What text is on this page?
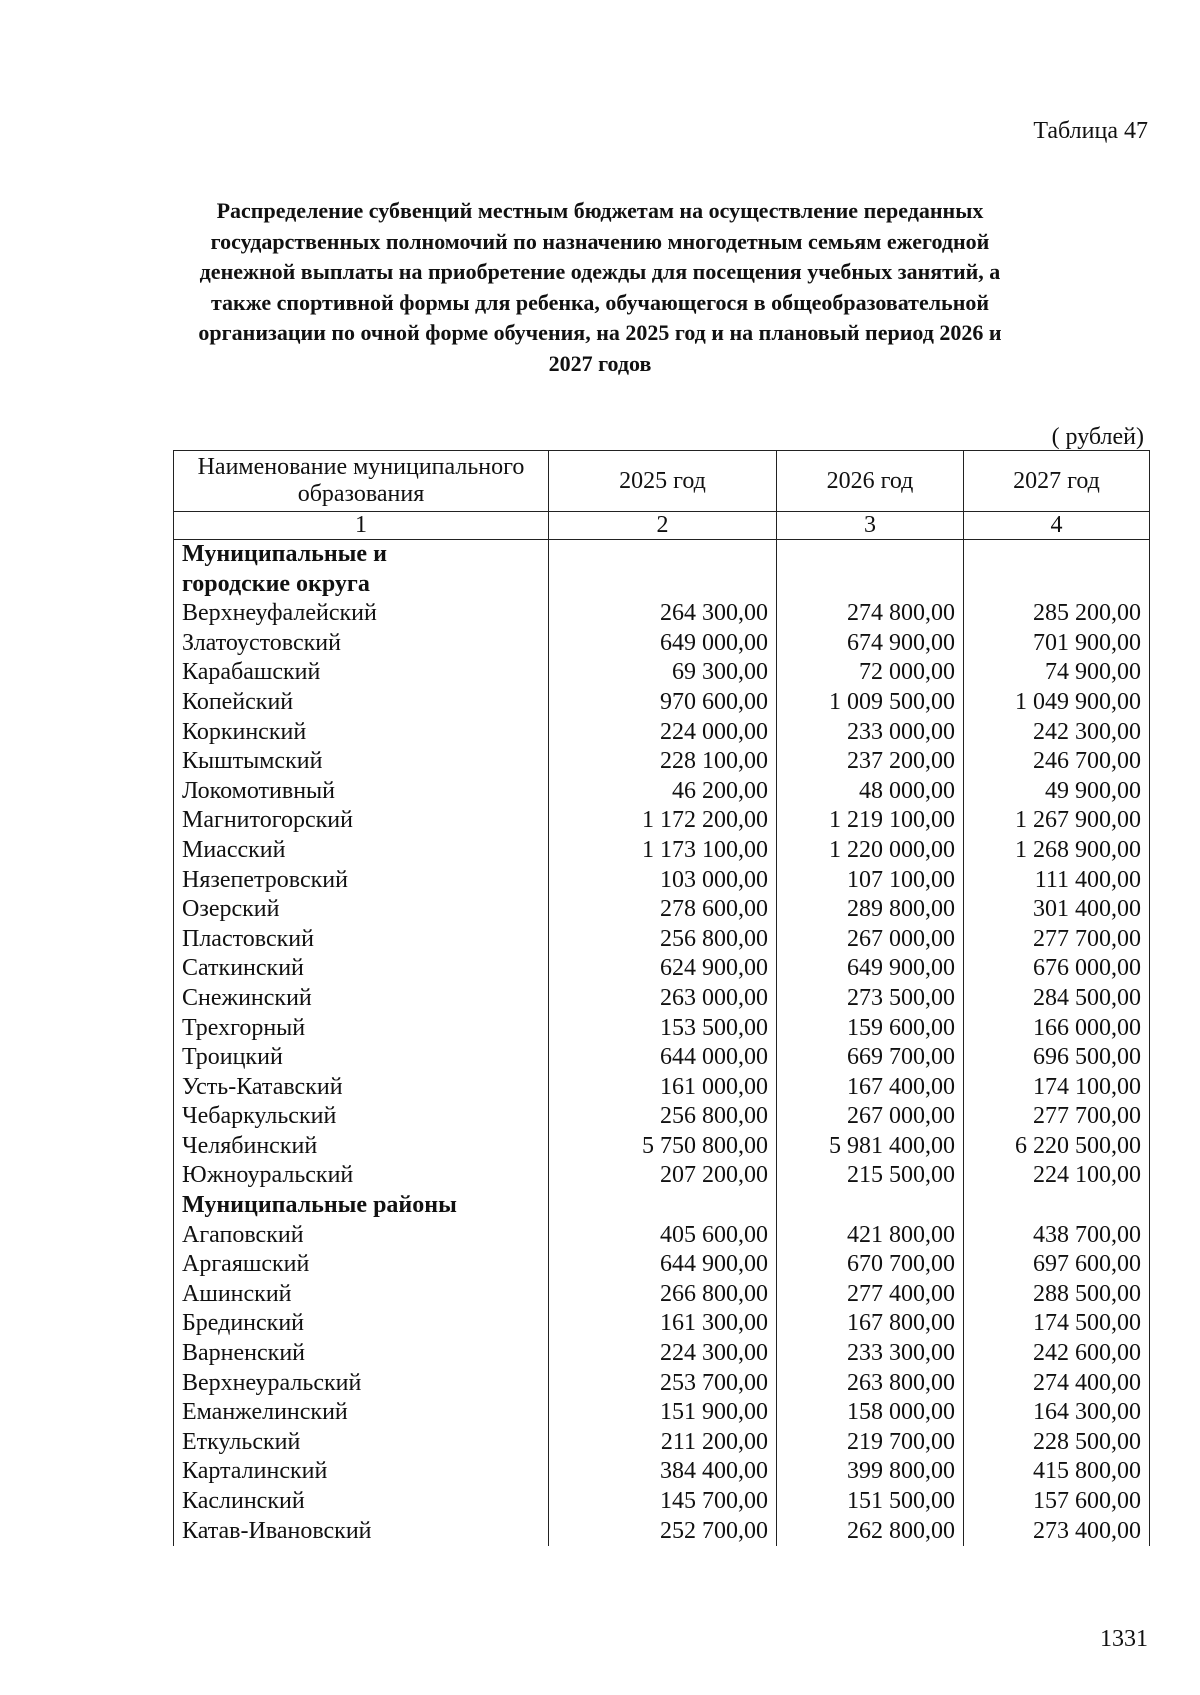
Таблица 47
Распределение субвенций местным бюджетам на осуществление переданных
государственных полномочий по назначению многодетным семьям ежегодной
денежной выплаты на приобретение одежды для посещения учебных занятий, а
также спортивной формы для ребенка, обучающегося в общеобразовательной
организации по очной форме обучения, на 2025 год и на плановый период 2026 и
2027 годов
( рублей)
Наименование муниципального
образования	2025 год	2026 год	2027 год
1	2	3	4

Муниципальные и
городские округа			

Верхнеуфалейский	264 300,00	274 800,00	285 200,00
Златоустовский	649 000,00	674 900,00	701 900,00
Карабашский	69 300,00	72 000,00	74 900,00
Копейский	970 600,00	1 009 500,00	1 049 900,00
Коркинский	224 000,00	233 000,00	242 300,00
Кыштымский	228 100,00	237 200,00	246 700,00
Локомотивный	46 200,00	48 000,00	49 900,00
Магнитогорский	1 172 200,00	1 219 100,00	1 267 900,00
Миасский	1 173 100,00	1 220 000,00	1 268 900,00
Нязепетровский	103 000,00	107 100,00	111 400,00
Озерский	278 600,00	289 800,00	301 400,00
Пластовский	256 800,00	267 000,00	277 700,00
Саткинский	624 900,00	649 900,00	676 000,00
Снежинский	263 000,00	273 500,00	284 500,00
Трехгорный	153 500,00	159 600,00	166 000,00
Троицкий	644 000,00	669 700,00	696 500,00
Усть-Катавский	161 000,00	167 400,00	174 100,00
Чебаркульский	256 800,00	267 000,00	277 700,00
Челябинский	5 750 800,00	5 981 400,00	6 220 500,00
Южноуральский	207 200,00	215 500,00	224 100,00

Муниципальные районы			

Агаповский	405 600,00	421 800,00	438 700,00
Аргаяшский	644 900,00	670 700,00	697 600,00
Ашинский	266 800,00	277 400,00	288 500,00
Брединский	161 300,00	167 800,00	174 500,00
Варненский	224 300,00	233 300,00	242 600,00
Верхнеуральский	253 700,00	263 800,00	274 400,00
Еманжелинский	151 900,00	158 000,00	164 300,00
Еткульский	211 200,00	219 700,00	228 500,00
Карталинский	384 400,00	399 800,00	415 800,00
Каслинский	145 700,00	151 500,00	157 600,00
Катав-Ивановский	252 700,00	262 800,00	273 400,00
1331
